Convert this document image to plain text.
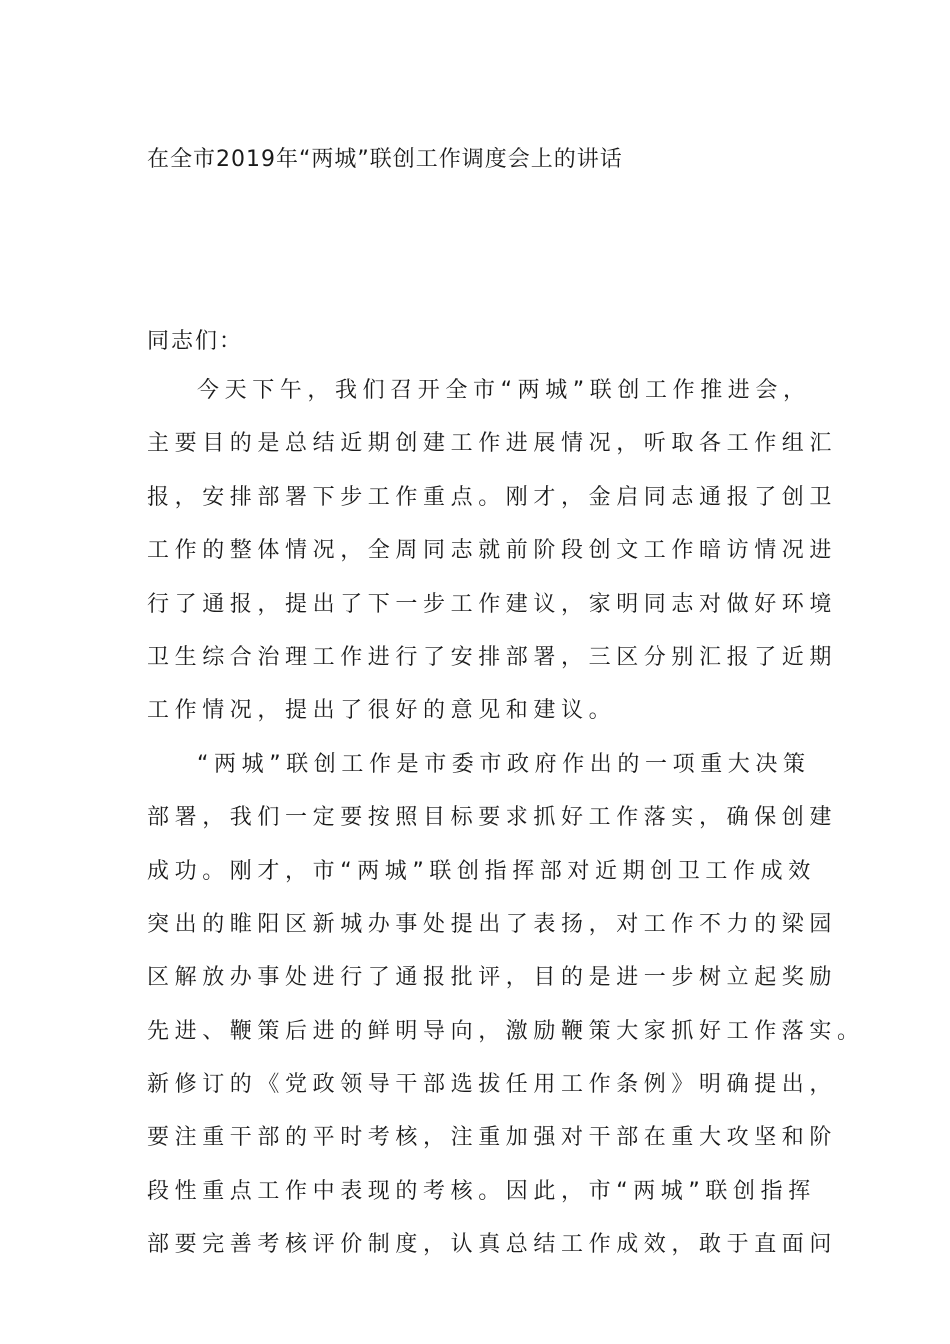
在全市2019年“两城”联创工作调度会上的讲话

同志们：

今天下午，我们召开全市“两城”联创工作推进会，
主要目的是总结近期创建工作进展情况，听取各工作组汇
报，安排部署下步工作重点。刚才，金启同志通报了创卫
工作的整体情况，全周同志就前阶段创文工作暗访情况进
行了通报，提出了下一步工作建议，家明同志对做好环境
卫生综合治理工作进行了安排部署，三区分别汇报了近期
工作情况，提出了很好的意见和建议。
“两城”联创工作是市委市政府作出的一项重大决策
部署，我们一定要按照目标要求抓好工作落实，确保创建
成功。刚才，市“两城”联创指挥部对近期创卫工作成效
突出的睢阳区新城办事处提出了表扬，对工作不力的梁园
区解放办事处进行了通报批评，目的是进一步树立起奖励
先进、鞭策后进的鲜明导向，激励鞭策大家抓好工作落实。
新修订的《党政领导干部选拔任用工作条例》明确提出，
要注重干部的平时考核，注重加强对干部在重大攻坚和阶
段性重点工作中表现的考核。因此，市“两城”联创指挥
部要完善考核评价制度，认真总结工作成效，敢于直面问
